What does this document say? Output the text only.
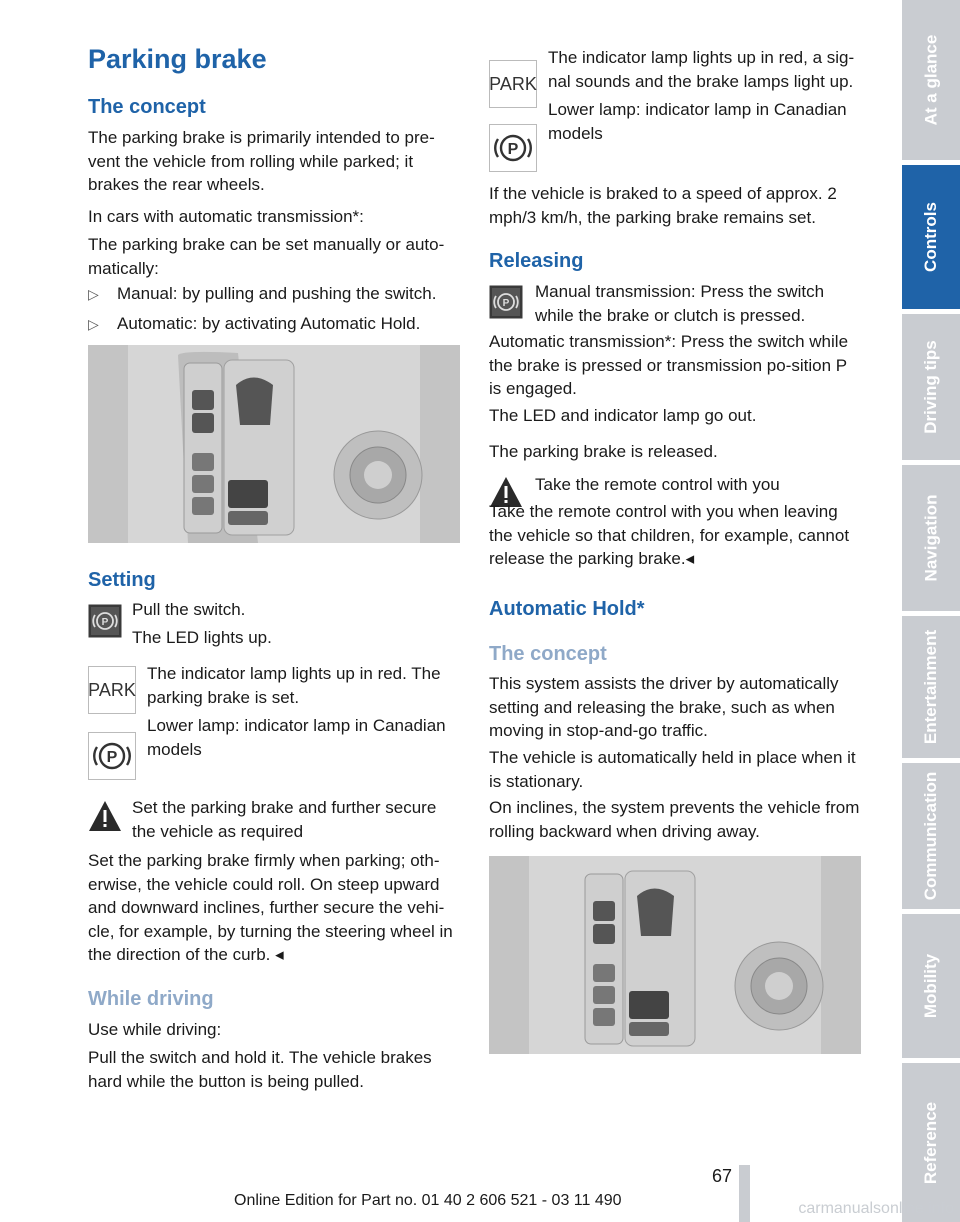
Parking brake
The concept

The parking brake is primarily intended to pre-vent the vehicle from rolling while parked; it brakes the rear wheels.

In cars with automatic transmission*:

The parking brake can be set manually or auto-matically:

▷ Manual: by pulling and pushing the switch.

▷ Automatic: by activating Automatic Hold.

Setting
P

Pull the switch.

The LED lights up.

PARK

The indicator lamp lights up in red. The parking brake is set.

P

Lower lamp: indicator lamp in Canadian models

Set the parking brake and further secure the vehicle as required

Set the parking brake firmly when parking; oth-erwise, the vehicle could roll. On steep upward and downward inclines, further secure the vehi-cle, for example, by turning the steering wheel in the direction of the curb. ◂

While driving

Use while driving:

Pull the switch and hold it. The vehicle brakes hard while the button is being pulled.

PARK

The indicator lamp lights up in red, a sig-nal sounds and the brake lamps light up.

P

Lower lamp: indicator lamp in Canadian models

If the vehicle is braked to a speed of approx. 2 mph/3 km/h, the parking brake remains set.

Releasing
P

Manual transmission: Press the switch while the brake or clutch is pressed.

Automatic transmission*: Press the switch while the brake is pressed or transmission po-sition P is engaged.

The LED and indicator lamp go out.

The parking brake is released.

Take the remote control with you

Take the remote control with you when leaving the vehicle so that children, for example, cannot release the parking brake.◂

Automatic Hold*
The concept

This system assists the driver by automatically setting and releasing the brake, such as when moving in stop-and-go traffic.

The vehicle is automatically held in place when it is stationary.

On inclines, the system prevents the vehicle from rolling backward when driving away.

At a glance
Controls
Driving tips
Navigation
Entertainment
Communication
Mobility
Reference
67
Online Edition for Part no. 01 40 2 606 521 - 03 11 490	carmanualsonline.info
